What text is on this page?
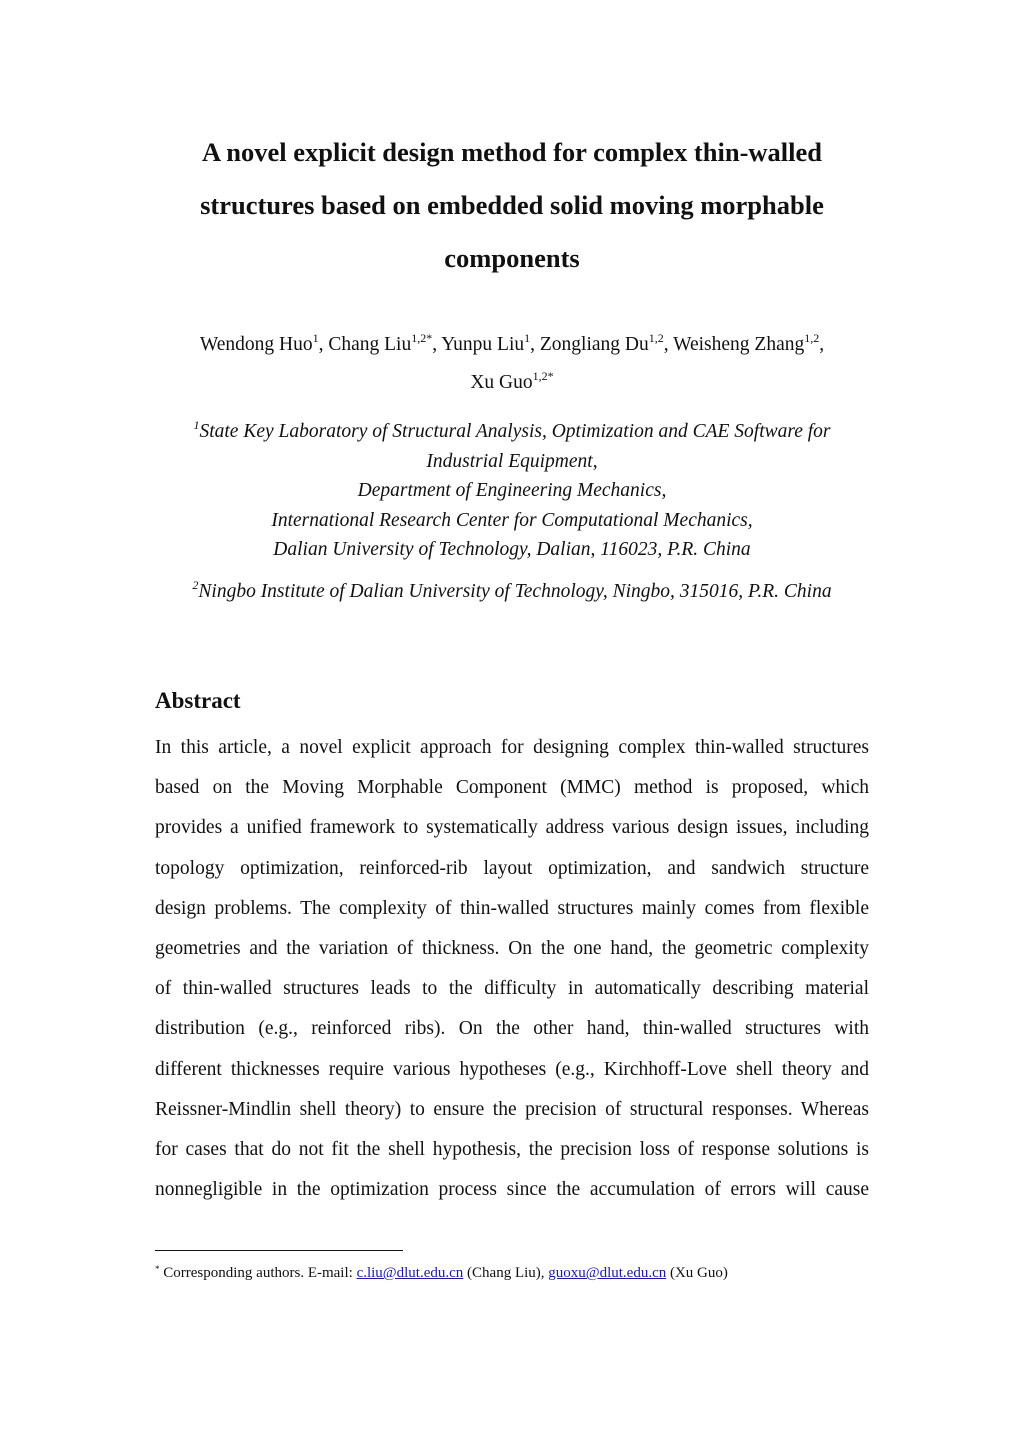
A novel explicit design method for complex thin-walled
structures based on embedded solid moving morphable
components
Wendong Huo$^1$, Chang Liu$^{1,2*}$, Yunpu Liu$^1$, Zongliang Du$^{1,2}$, Weisheng Zhang$^{1,2}$,
Xu Guo$^{1,2*}$
$^1$State Key Laboratory of Structural Analysis, Optimization and CAE Software for
Industrial Equipment,
Department of Engineering Mechanics,
International Research Center for Computational Mechanics,
Dalian University of Technology, Dalian, 116023, P.R. China
$^2$Ningbo Institute of Dalian University of Technology, Ningbo, 315016, P.R. China
Abstract
In this article, a novel explicit approach for designing complex thin-walled structures
based on the Moving Morphable Component (MMC) method is proposed, which
provides a unified framework to systematically address various design issues, including
topology optimization, reinforced-rib layout optimization, and sandwich structure
design problems. The complexity of thin-walled structures mainly comes from flexible
geometries and the variation of thickness. On the one hand, the geometric complexity
of thin-walled structures leads to the difficulty in automatically describing material
distribution (e.g., reinforced ribs). On the other hand, thin-walled structures with
different thicknesses require various hypotheses (e.g., Kirchhoff-Love shell theory and
Reissner-Mindlin shell theory) to ensure the precision of structural responses. Whereas
for cases that do not fit the shell hypothesis, the precision loss of response solutions is
nonnegligible in the optimization process since the accumulation of errors will cause
* Corresponding authors. E-mail: c.liu@dlut.edu.cn (Chang Liu), guoxu@dlut.edu.cn (Xu Guo)
